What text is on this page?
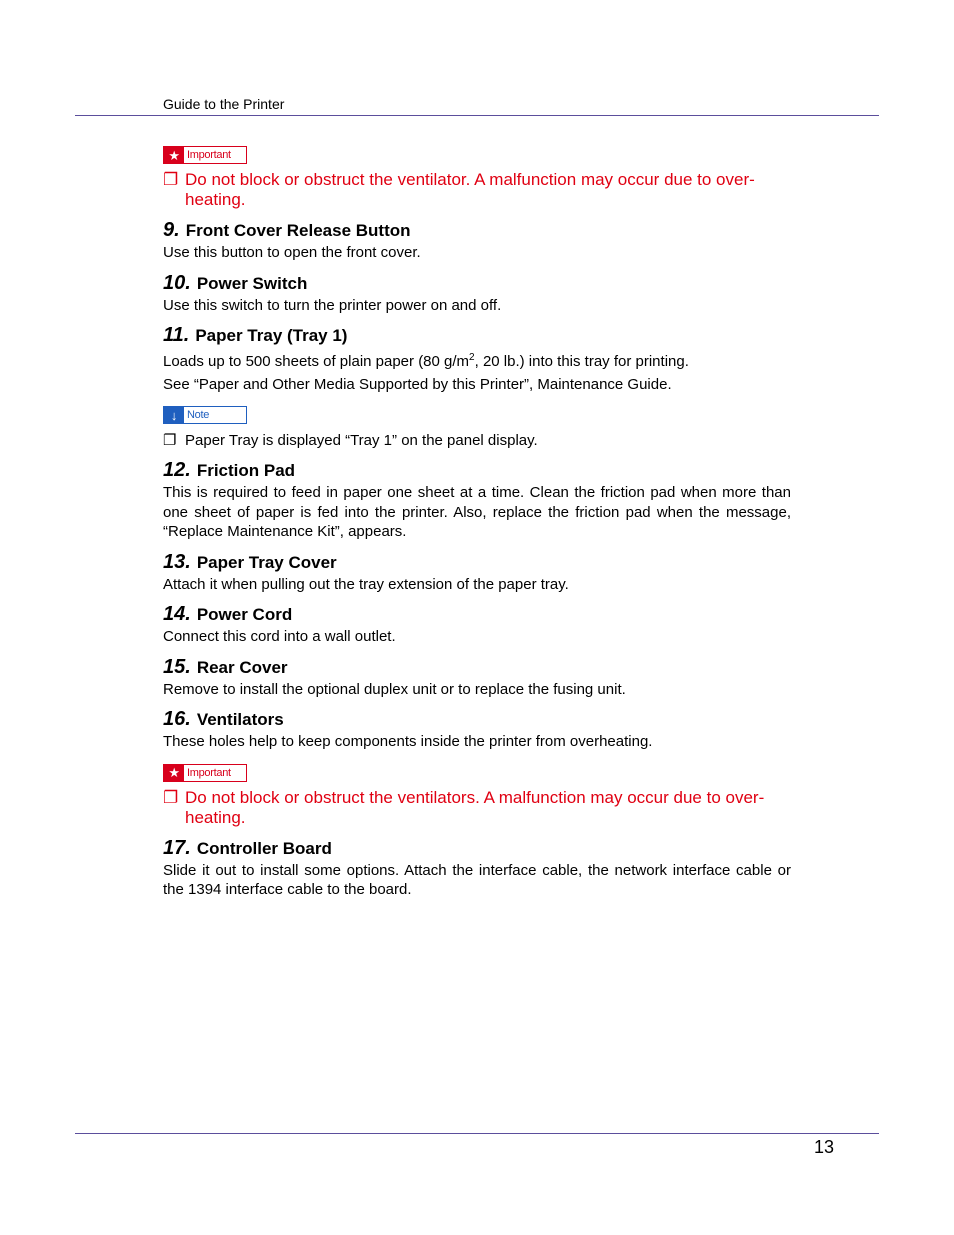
Guide to the Printer
★ Important
❐ Do not block or obstruct the ventilator. A malfunction may occur due to over-heating.
9. Front Cover Release Button
Use this button to open the front cover.
10. Power Switch
Use this switch to turn the printer power on and off.
11. Paper Tray (Tray 1)

Loads up to 500 sheets of plain paper (80 $g/m^2$, 20 lb.) into this tray for printing.

See “Paper and Other Media Supported by this Printer”, Maintenance Guide.

↓ Note
❐ Paper Tray is displayed “Tray 1” on the panel display.
12. Friction Pad
This is required to feed in paper one sheet at a time. Clean the friction pad when more than one sheet of paper is fed into the printer. Also, replace the friction pad when the message, “Replace Maintenance Kit”, appears.
13. Paper Tray Cover
Attach it when pulling out the tray extension of the paper tray.
14. Power Cord
Connect this cord into a wall outlet.
15. Rear Cover
Remove to install the optional duplex unit or to replace the fusing unit.
16. Ventilators
These holes help to keep components inside the printer from overheating.
★ Important
❐ Do not block or obstruct the ventilators. A malfunction may occur due to over-heating.
17. Controller Board
Slide it out to install some options. Attach the interface cable, the network interface cable or the 1394 interface cable to the board.
13
